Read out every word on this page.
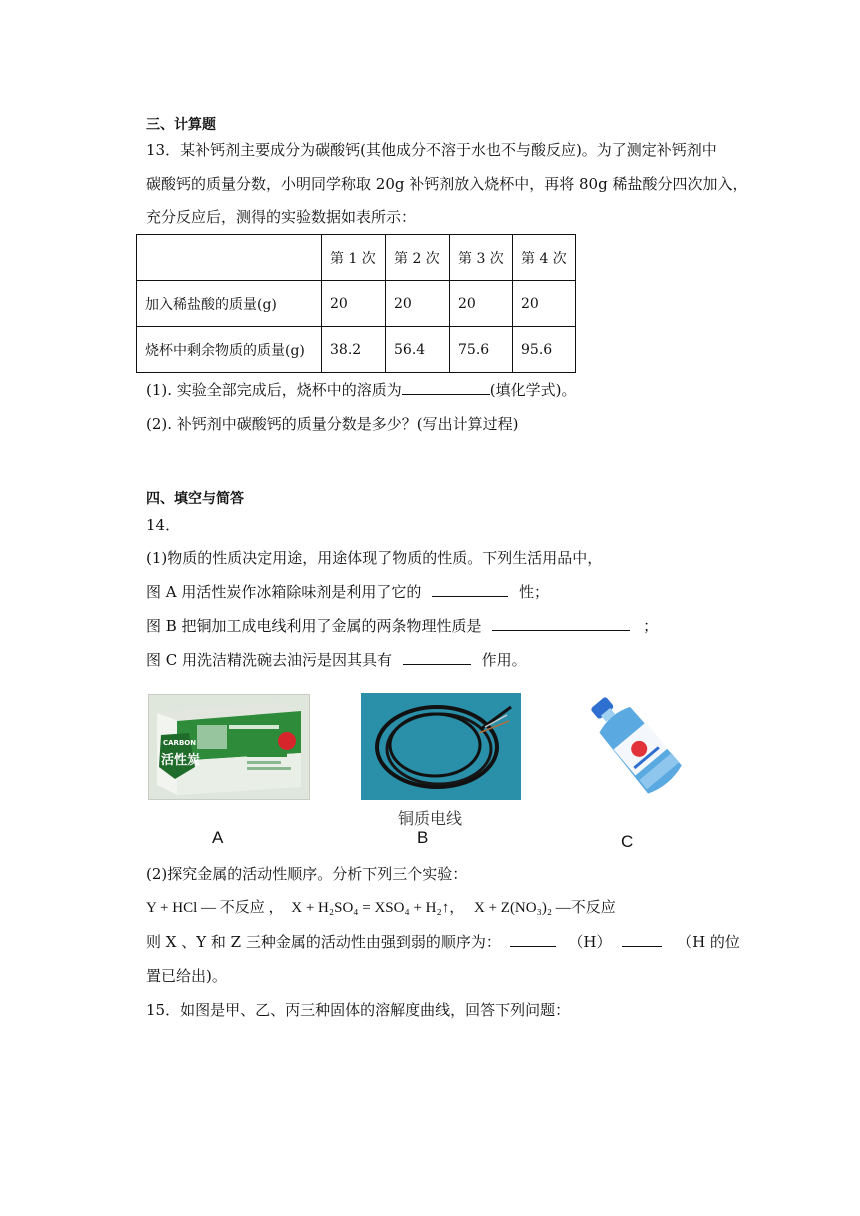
三、计算题
13．某补钙剂主要成分为碳酸钙(其他成分不溶于水也不与酸反应)。为了测定补钙剂中
碳酸钙的质量分数，小明同学称取 20g 补钙剂放入烧杯中，再将 80g 稀盐酸分四次加入，
充分反应后，测得的实验数据如表所示：
	第 1 次	第 2 次	第 3 次	第 4 次
加入稀盐酸的质量(g)	20	20	20	20
烧杯中剩余物质的质量(g)	38.2	56.4	75.6	95.6
(1). 实验全部完成后，烧杯中的溶质为	(填化学式)。
(2). 补钙剂中碳酸钙的质量分数是多少？(写出计算过程)
四、填空与简答
14．
(1)物质的性质决定用途，用途体现了物质的性质。下列生活用品中，
图 A 用活性炭作冰箱除味剂是利用了它的	性；
图 B 把铜加工成电线利用了金属的两条物理性质是	；
图 C 用洗洁精洗碗去油污是因其具有	作用。
CARBON
活性炭
铜质电线
A	B	C
(2)探究金属的活动性顺序。分析下列三个实验：
Y + HCl — 不反应 ， X + H₂SO₄ = XSO₄ + H₂↑， X + Z(NO₃)₂ —不反应
则 X 、Y 和 Z 三种金属的活动性由强到弱的顺序为：	（H）	（H 的位
置已给出)。
15．如图是甲、乙、丙三种固体的溶解度曲线，回答下列问题：
